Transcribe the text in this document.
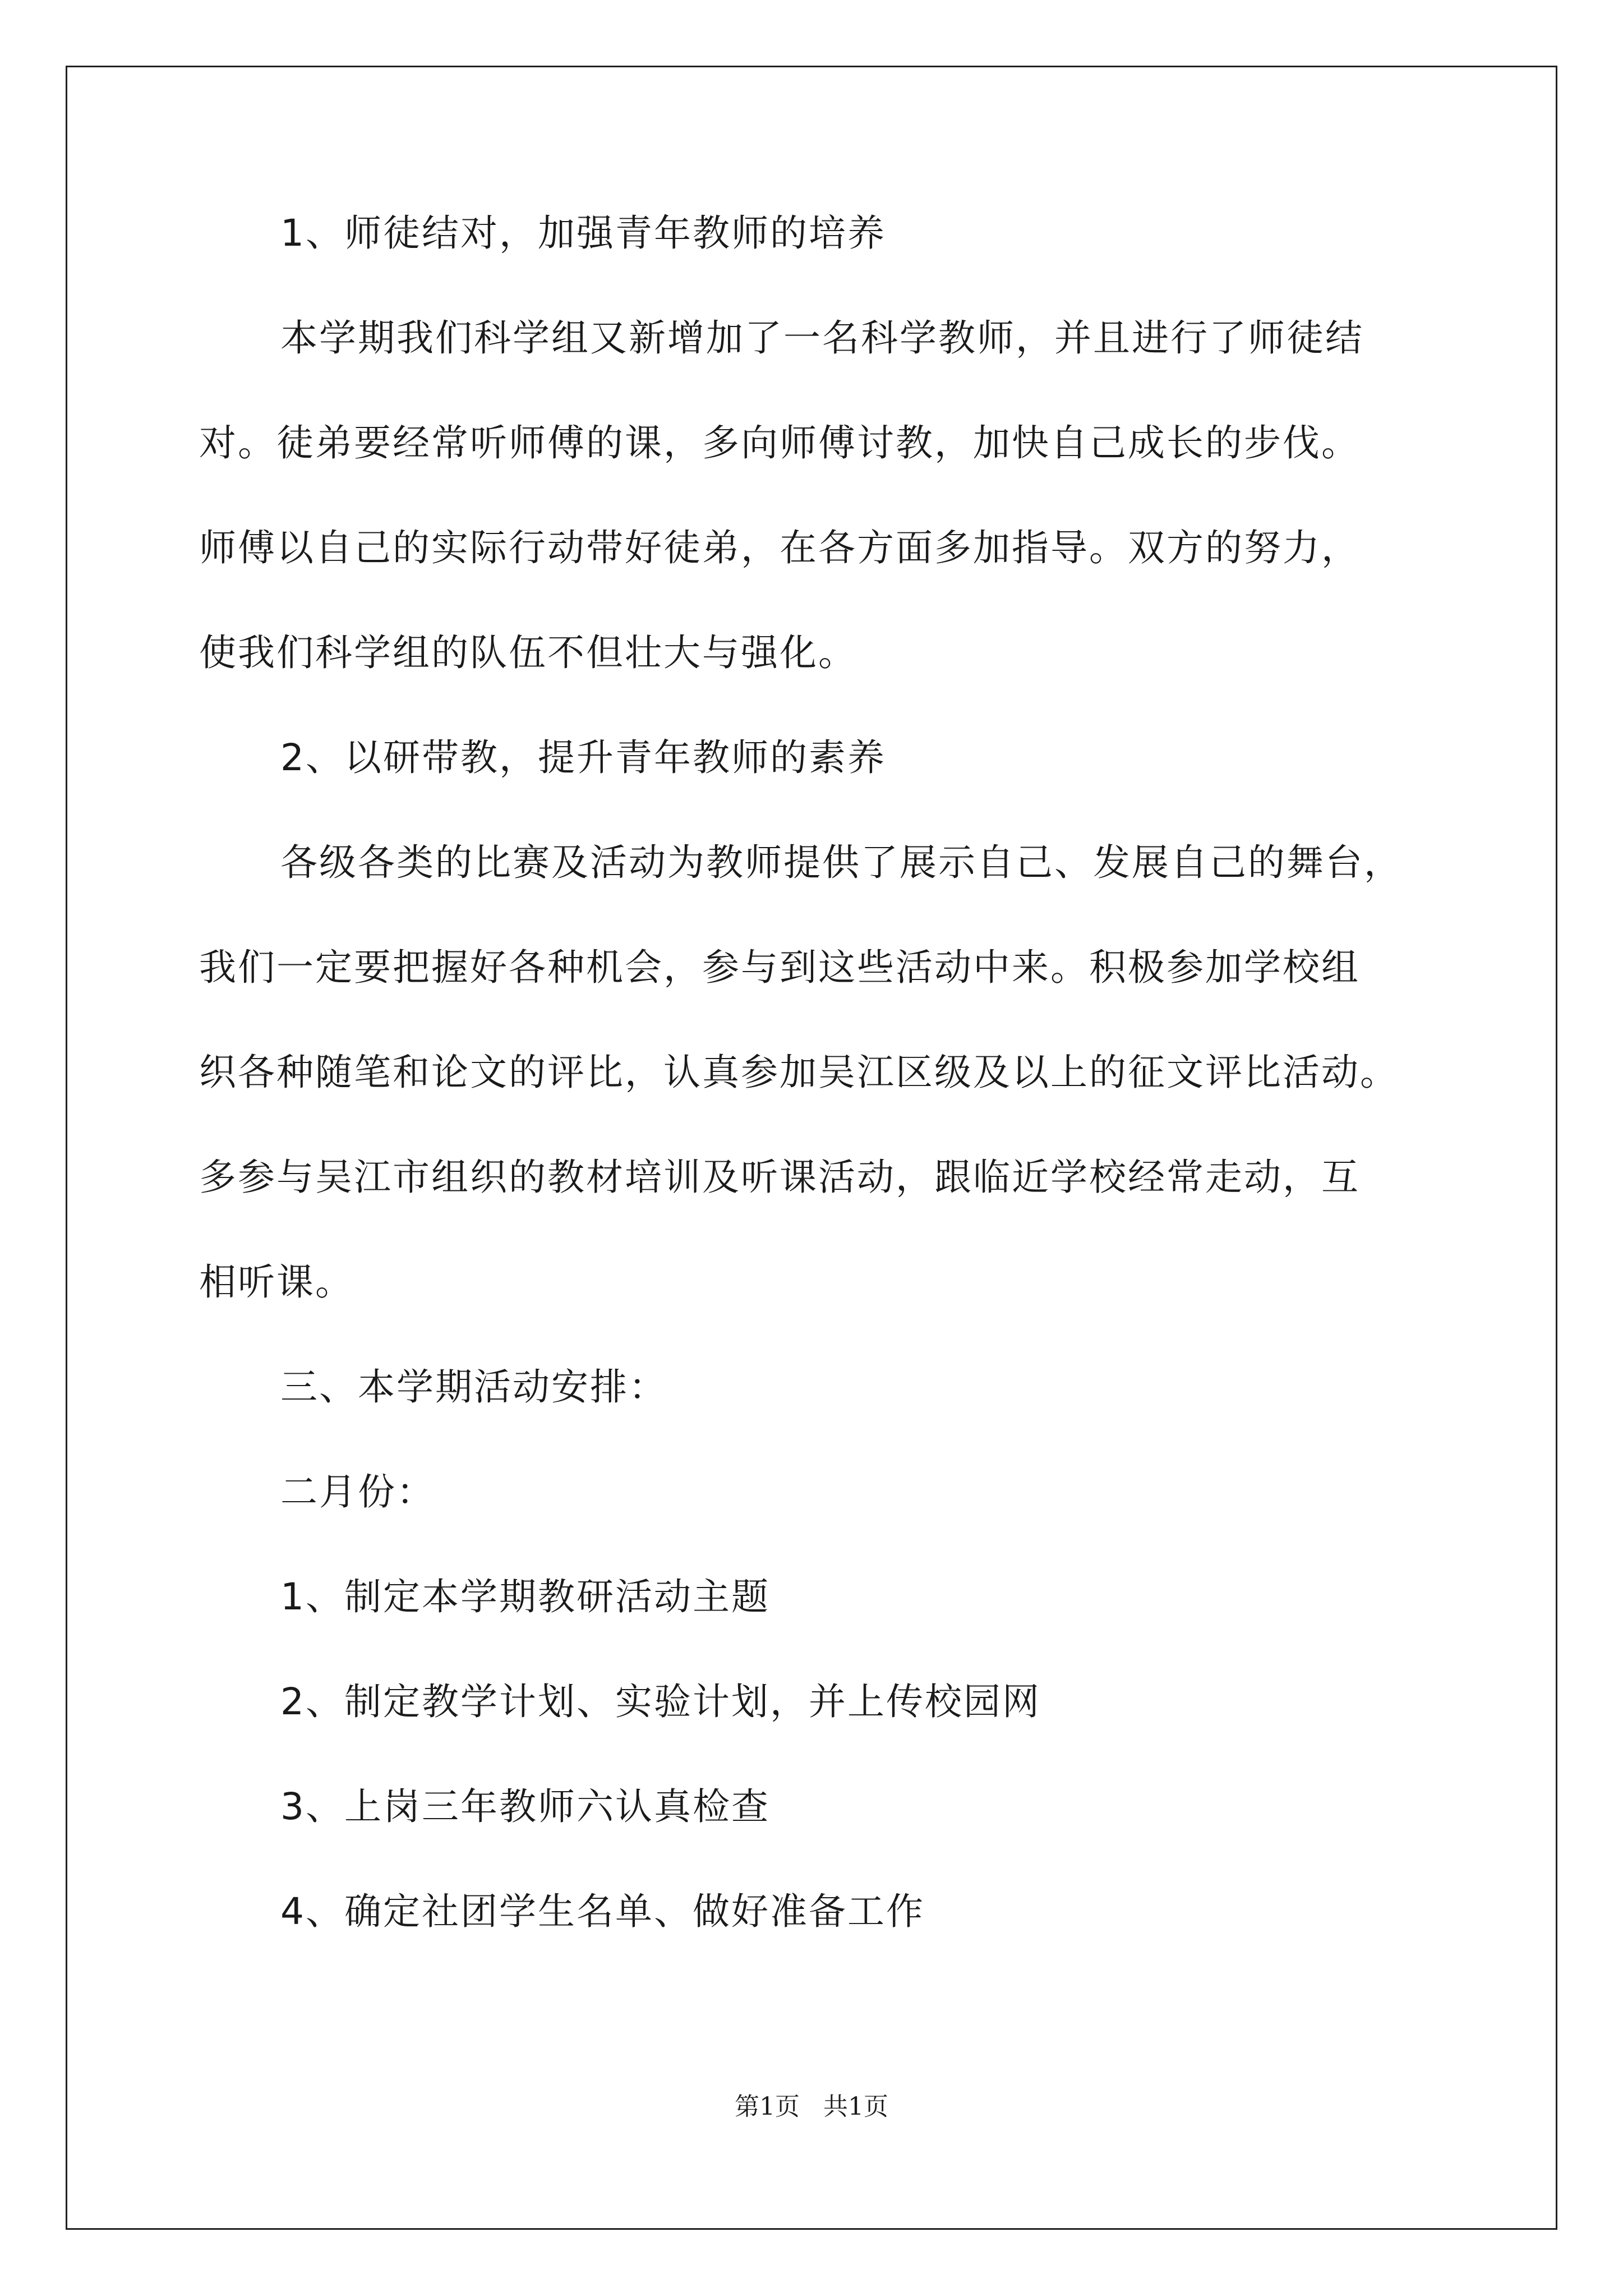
1、师徒结对，加强青年教师的培养
本学期我们科学组又新增加了一名科学教师，并且进行了师徒结
对。徒弟要经常听师傅的课，多向师傅讨教，加快自己成长的步伐。
师傅以自己的实际行动带好徒弟，在各方面多加指导。双方的努力，
使我们科学组的队伍不但壮大与强化。
2、以研带教，提升青年教师的素养
各级各类的比赛及活动为教师提供了展示自己、发展自己的舞台，
我们一定要把握好各种机会，参与到这些活动中来。积极参加学校组
织各种随笔和论文的评比，认真参加吴江区级及以上的征文评比活动。
多参与吴江市组织的教材培训及听课活动，跟临近学校经常走动，互
相听课。
三、本学期活动安排：
二月份：
1、制定本学期教研活动主题
2、制定教学计划、实验计划，并上传校园网
3、上岗三年教师六认真检查
4、确定社团学生名单、做好准备工作
第1页   共1页
